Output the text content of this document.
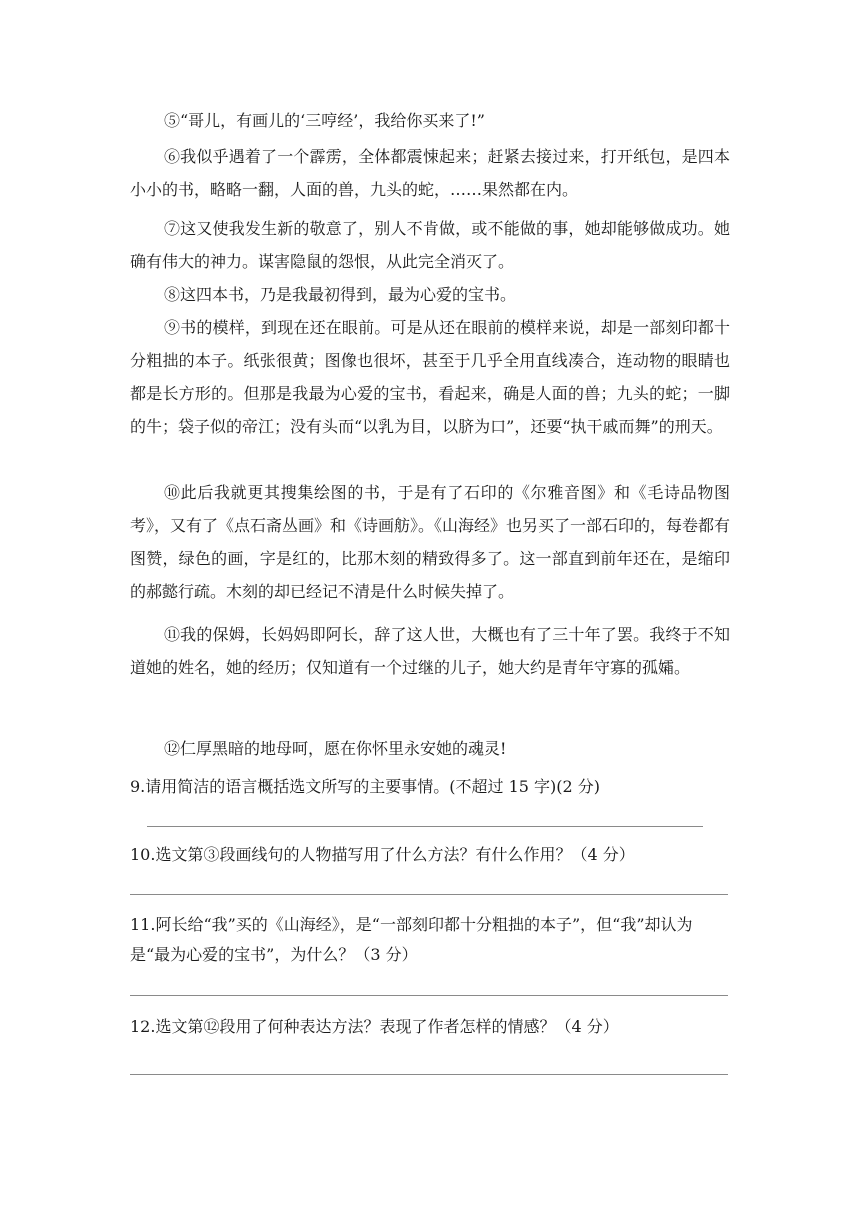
⑤“哥儿，有画儿的‘三哼经’，我给你买来了!”

⑥我似乎遇着了一个霹雳，全体都震悚起来；赶紧去接过来，打开纸包，是四本小小的书，略略一翻，人面的兽，九头的蛇，……果然都在内。

⑦这又使我发生新的敬意了，别人不肯做，或不能做的事，她却能够做成功。她确有伟大的神力。谋害隐鼠的怨恨，从此完全消灭了。

⑧这四本书，乃是我最初得到，最为心爱的宝书。

⑨书的模样，到现在还在眼前。可是从还在眼前的模样来说，却是一部刻印都十分粗拙的本子。纸张很黄；图像也很坏，甚至于几乎全用直线凑合，连动物的眼睛也都是长方形的。但那是我最为心爱的宝书，看起来，确是人面的兽；九头的蛇；一脚的牛；袋子似的帝江；没有头而“以乳为目，以脐为口”，还要“执干戚而舞”的刑天。

⑩此后我就更其搜集绘图的书，于是有了石印的《尔雅音图》和《毛诗品物图考》，又有了《点石斋丛画》和《诗画舫》。《山海经》也另买了一部石印的，每卷都有图赞，绿色的画，字是红的，比那木刻的精致得多了。这一部直到前年还在，是缩印的郝懿行疏。木刻的却已经记不清是什么时候失掉了。

⑪我的保姆，长妈妈即阿长，辞了这人世，大概也有了三十年了罢。我终于不知道她的姓名，她的经历；仅知道有一个过继的儿子，她大约是青年守寡的孤孀。

⑫仁厚黑暗的地母呵，愿在你怀里永安她的魂灵!

9.请用简洁的语言概括选文所写的主要事情。(不超过 15 字)(2 分)

10.选文第③段画线句的人物描写用了什么方法？有什么作用？（4 分）

11.阿长给“我”买的《山海经》，是“一部刻印都十分粗拙的本子”，但“我”却认为是“最为心爱的宝书”，为什么？（3 分）

12.选文第⑫段用了何种表达方法？表现了作者怎样的情感？（4 分）
